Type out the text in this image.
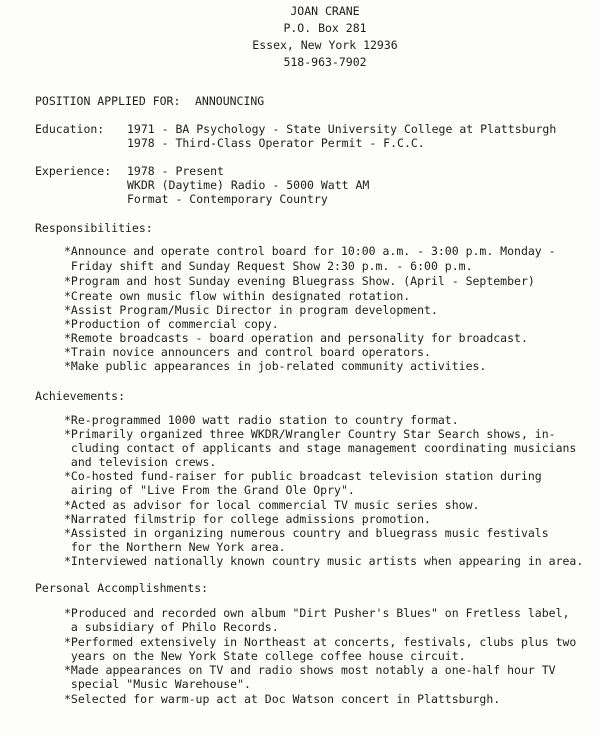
JOAN CRANE
P.O. Box 281
Essex, New York 12936
518-963-7902
POSITION APPLIED FOR: ANNOUNCING
Education: 1971 - BA Psychology - State University College at Plattsburgh
1978 - Third-Class Operator Permit - F.C.C.
Experience: 1978 - Present
WKDR (Daytime) Radio - 5000 Watt AM
Format - Contemporary Country
Responsibilities:
*Announce and operate control board for 10:00 a.m. - 3:00 p.m. Monday -
Friday shift and Sunday Request Show 2:30 p.m. - 6:00 p.m.
*Program and host Sunday evening Bluegrass Show. (April - September)
*Create own music flow within designated rotation.
*Assist Program/Music Director in program development.
*Production of commercial copy.
*Remote broadcasts - board operation and personality for broadcast.
*Train novice announcers and control board operators.
*Make public appearances in job-related community activities.
Achievements:
*Re-programmed 1000 watt radio station to country format.
*Primarily organized three WKDR/Wrangler Country Star Search shows, in-
cluding contact of applicants and stage management coordinating musicians
and television crews.
*Co-hosted fund-raiser for public broadcast television station during
airing of "Live From the Grand Ole Opry".
*Acted as advisor for local commercial TV music series show.
*Narrated filmstrip for college admissions promotion.
*Assisted in organizing numerous country and bluegrass music festivals
for the Northern New York area.
*Interviewed nationally known country music artists when appearing in area.
Personal Accomplishments:
*Produced and recorded own album "Dirt Pusher's Blues" on Fretless label,
a subsidiary of Philo Records.
*Performed extensively in Northeast at concerts, festivals, clubs plus two
years on the New York State college coffee house circuit.
*Made appearances on TV and radio shows most notably a one-half hour TV
special "Music Warehouse".
*Selected for warm-up act at Doc Watson concert in Plattsburgh.
